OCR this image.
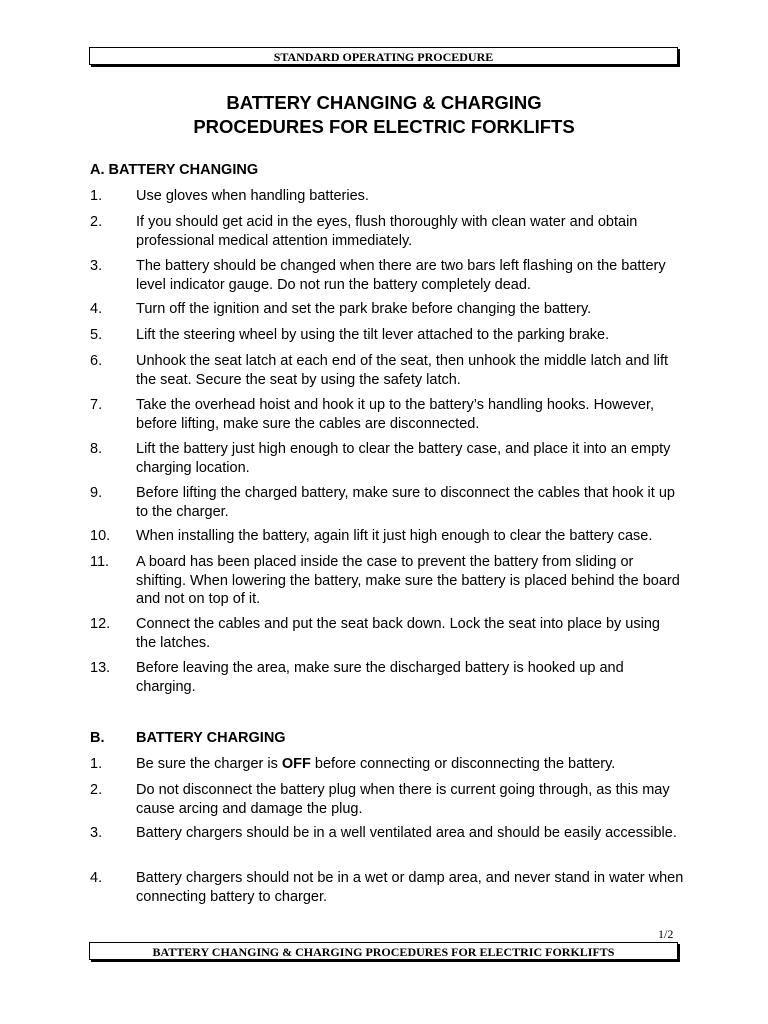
STANDARD OPERATING PROCEDURE
BATTERY CHANGING & CHARGING
PROCEDURES FOR ELECTRIC FORKLIFTS
A. BATTERY CHANGING
1. Use gloves when handling batteries.
2. If you should get acid in the eyes, flush thoroughly with clean water and obtain professional medical attention immediately.
3. The battery should be changed when there are two bars left flashing on the battery level indicator gauge. Do not run the battery completely dead.
4. Turn off the ignition and set the park brake before changing the battery.
5. Lift the steering wheel by using the tilt lever attached to the parking brake.
6. Unhook the seat latch at each end of the seat, then unhook the middle latch and lift the seat. Secure the seat by using the safety latch.
7. Take the overhead hoist and hook it up to the battery’s handling hooks. However, before lifting, make sure the cables are disconnected.
8. Lift the battery just high enough to clear the battery case, and place it into an empty charging location.
9. Before lifting the charged battery, make sure to disconnect the cables that hook it up to the charger.
10. When installing the battery, again lift it just high enough to clear the battery case.
11. A board has been placed inside the case to prevent the battery from sliding or shifting. When lowering the battery, make sure the battery is placed behind the board and not on top of it.
12. Connect the cables and put the seat back down. Lock the seat into place by using the latches.
13. Before leaving the area, make sure the discharged battery is hooked up and charging.
B. BATTERY CHARGING
1. Be sure the charger is OFF before connecting or disconnecting the battery.
2. Do not disconnect the battery plug when there is current going through, as this may cause arcing and damage the plug.
3. Battery chargers should be in a well ventilated area and should be easily accessible.
4. Battery chargers should not be in a wet or damp area, and never stand in water when connecting battery to charger.
1/2
BATTERY CHANGING & CHARGING PROCEDURES FOR ELECTRIC FORKLIFTS
